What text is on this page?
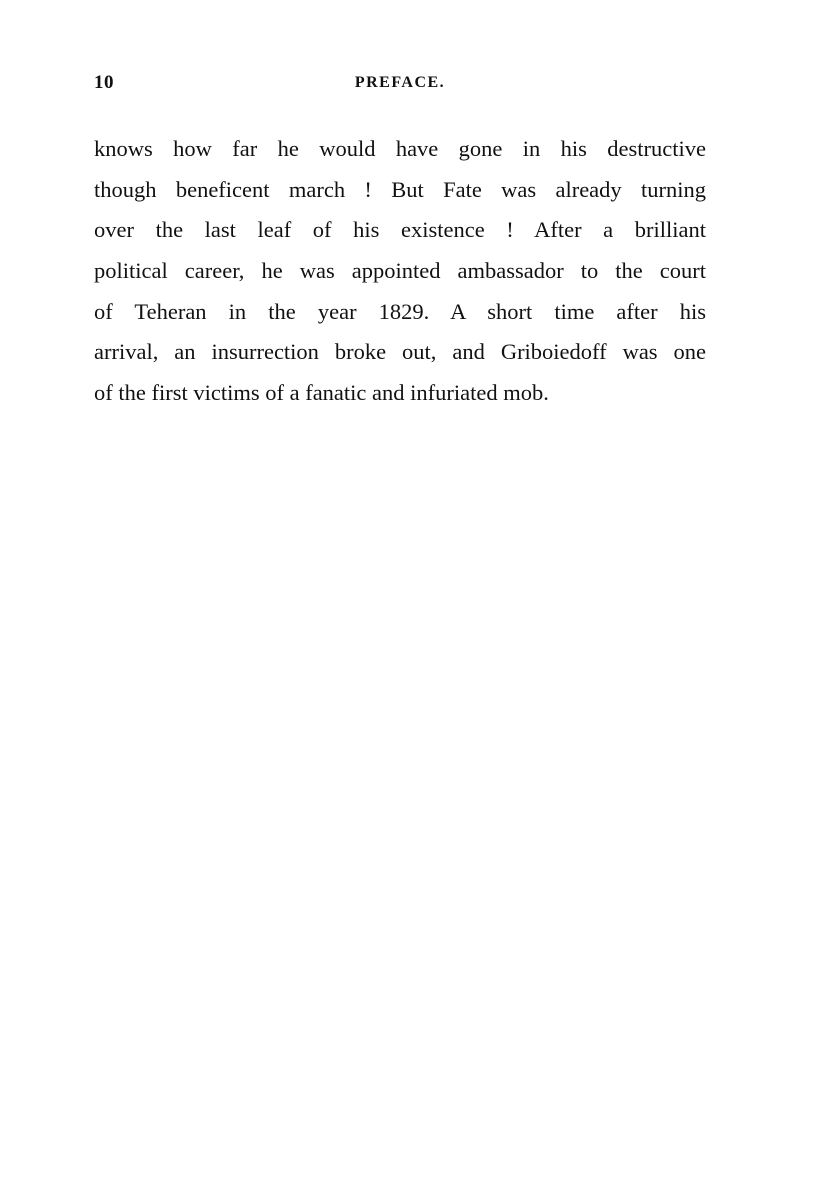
10	PREFACE.
knows how far he would have gone in his destructive
though beneficent march ! But Fate was already turning
over the last leaf of his existence ! After a brilliant
political career, he was appointed ambassador to the court
of Teheran in the year 1829. A short time after his
arrival, an insurrection broke out, and Griboiedoff was one
of the first victims of a fanatic and infuriated mob.
